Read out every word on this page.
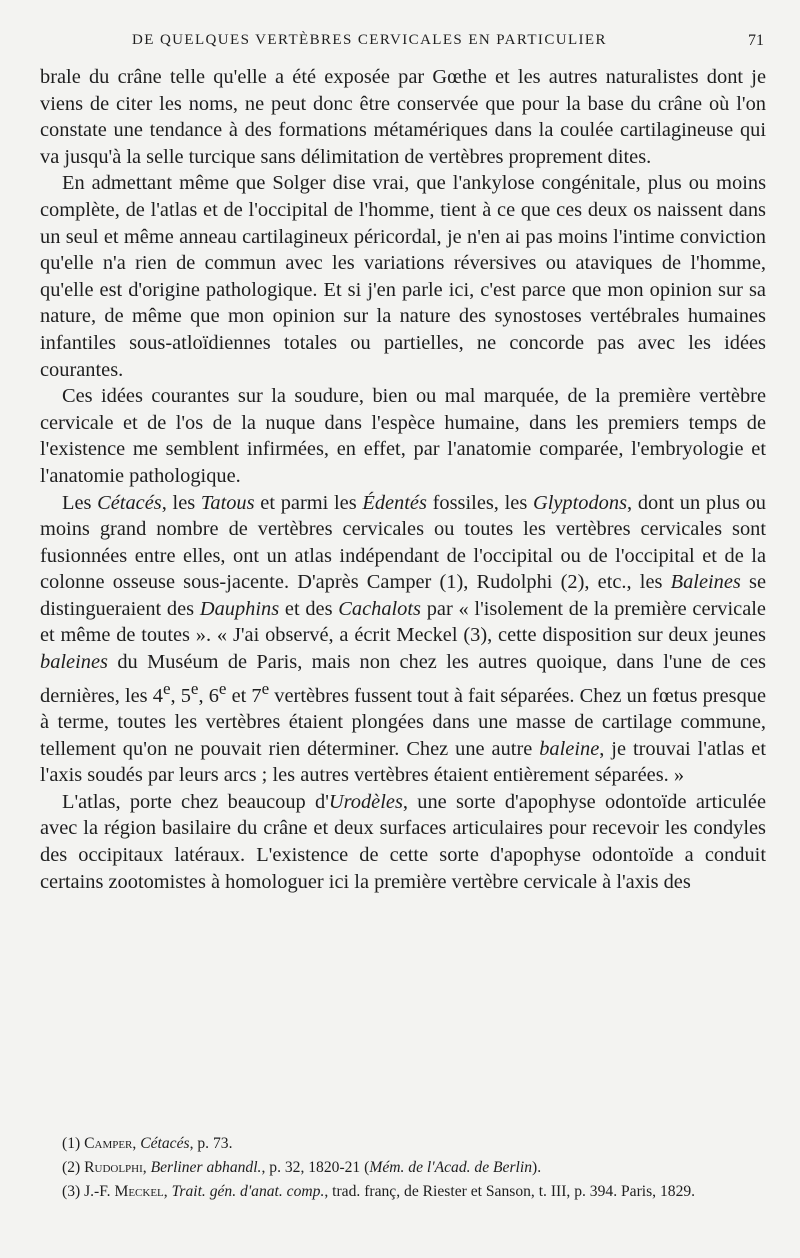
DE QUELQUES VERTÈBRES CERVICALES EN PARTICULIER	71

brale du crâne telle qu'elle a été exposée par Gœthe et les autres naturalistes dont je viens de citer les noms, ne peut donc être conservée que pour la base du crâne où l'on constate une tendance à des formations métamériques dans la coulée cartilagineuse qui va jusqu'à la selle turcique sans délimitation de vertèbres proprement dites.

En admettant même que Solger dise vrai, que l'ankylose congénitale, plus ou moins complète, de l'atlas et de l'occipital de l'homme, tient à ce que ces deux os naissent dans un seul et même anneau cartilagineux péricordal, je n'en ai pas moins l'intime conviction qu'elle n'a rien de commun avec les variations réversives ou ataviques de l'homme, qu'elle est d'origine pathologique. Et si j'en parle ici, c'est parce que mon opinion sur sa nature, de même que mon opinion sur la nature des synostoses vertébrales humaines infantiles sous-atloïdiennes totales ou partielles, ne concorde pas avec les idées courantes.

Ces idées courantes sur la soudure, bien ou mal marquée, de la première vertèbre cervicale et de l'os de la nuque dans l'espèce humaine, dans les premiers temps de l'existence me semblent infirmées, en effet, par l'anatomie comparée, l'embryologie et l'anatomie pathologique.

Les Cétacés, les Tatous et parmi les Édentés fossiles, les Glyptodons, dont un plus ou moins grand nombre de vertèbres cervicales ou toutes les vertèbres cervicales sont fusionnées entre elles, ont un atlas indépendant de l'occipital ou de l'occipital et de la colonne osseuse sous-jacente. D'après Camper (1), Rudolphi (2), etc., les Baleines se distingueraient des Dauphins et des Cachalots par « l'isolement de la première cervicale et même de toutes ». « J'ai observé, a écrit Meckel (3), cette disposition sur deux jeunes baleines du Muséum de Paris, mais non chez les autres quoique, dans l'une de ces dernières, les 4e, 5e, 6e et 7e vertèbres fussent tout à fait séparées. Chez un fœtus presque à terme, toutes les vertèbres étaient plongées dans une masse de cartilage commune, tellement qu'on ne pouvait rien déterminer. Chez une autre baleine, je trouvai l'atlas et l'axis soudés par leurs arcs ; les autres vertèbres étaient entièrement séparées. »

L'atlas, porte chez beaucoup d'Urodèles, une sorte d'apophyse odontoïde articulée avec la région basilaire du crâne et deux surfaces articulaires pour recevoir les condyles des occipitaux latéraux. L'existence de cette sorte d'apophyse odontoïde a conduit certains zootomistes à homologuer ici la première vertèbre cervicale à l'axis des

(1) Camper, Cétacés, p. 73.

(2) Rudolphi, Berliner abhandl., p. 32, 1820-21 (Mém. de l'Acad. de Berlin).

(3) J.-F. Meckel, Trait. gén. d'anat. comp., trad. franç, de Riester et Sanson, t. III, p. 394. Paris, 1829.
